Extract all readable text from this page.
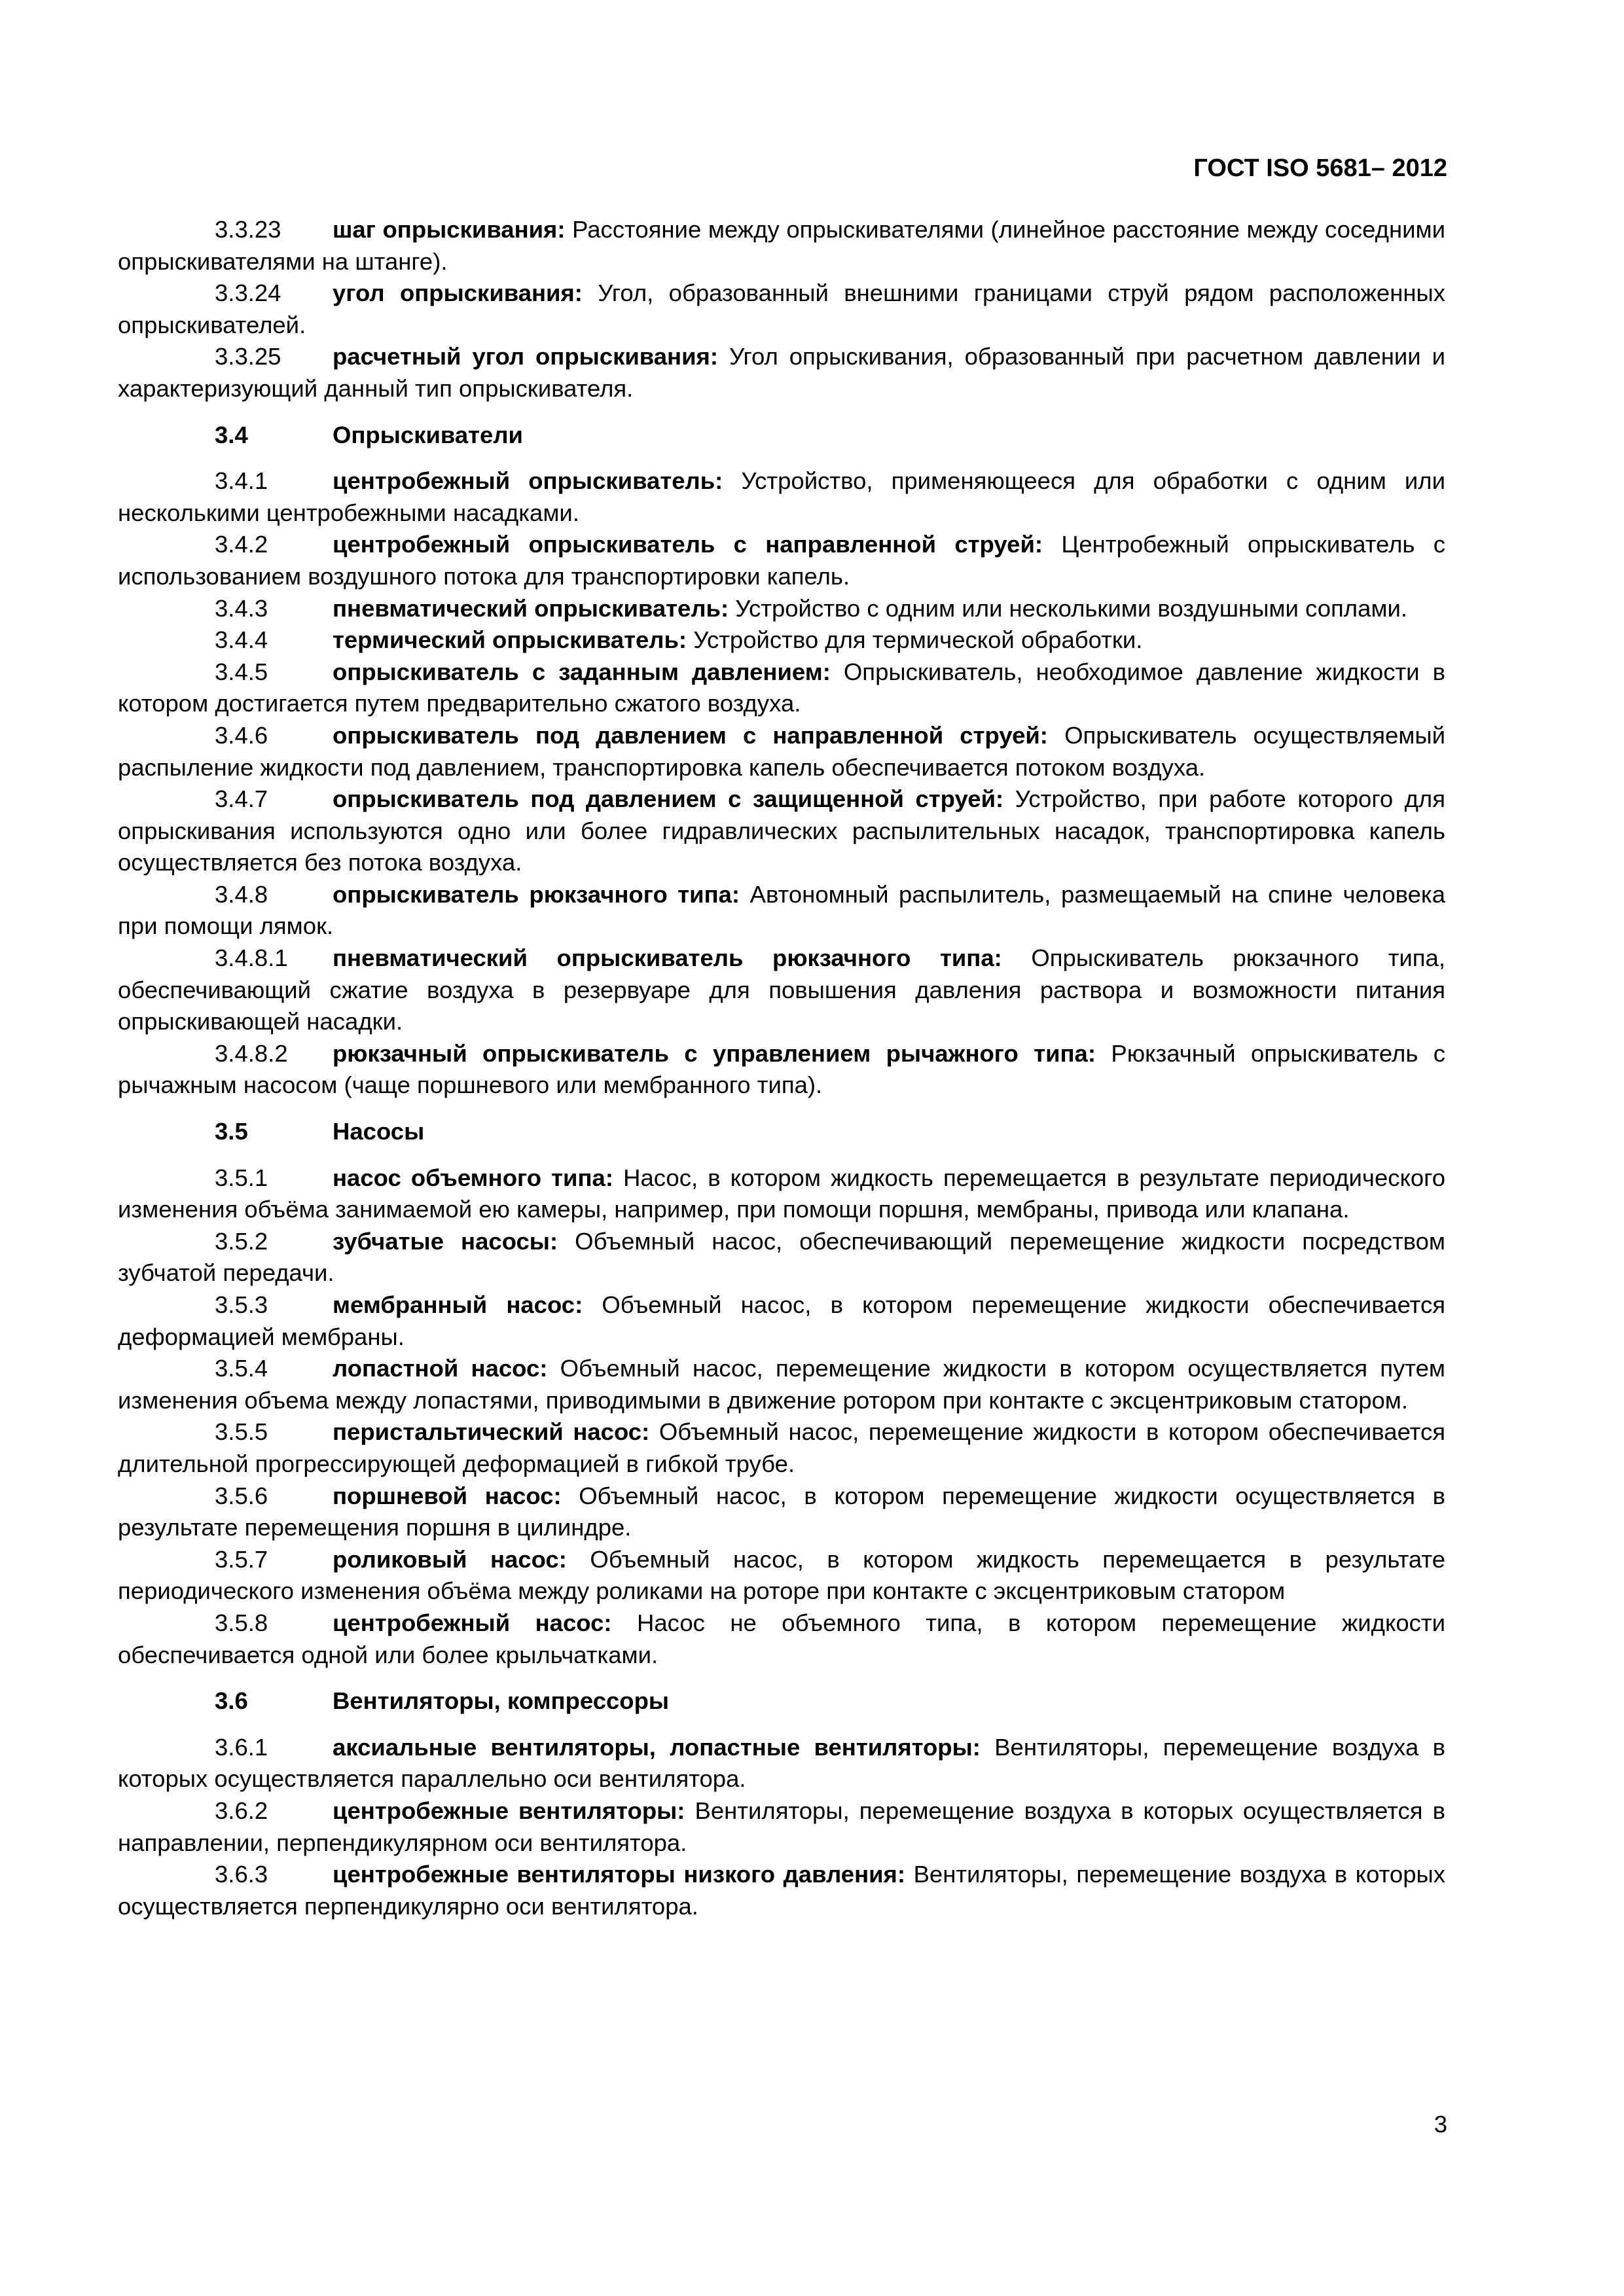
ГОСТ ISO 5681– 2012

3.3.23 шаг опрыскивания: Расстояние между опрыскивателями (линейное расстояние между соседними опрыскивателями на штанге).

3.3.24 угол опрыскивания: Угол, образованный внешними границами струй рядом расположенных опрыскивателей.

3.3.25 расчетный угол опрыскивания: Угол опрыскивания, образованный при расчетном давлении и характеризующий данный тип опрыскивателя.

3.4	Опрыскиватели

3.4.1	центробежный опрыскиватель: Устройство, применяющееся для обработки с одним или несколькими центробежными насадками.

3.4.2	центробежный опрыскиватель с направленной струей: Центробежный опрыскиватель с использованием воздушного потока для транспортировки капель.

3.4.3	пневматический опрыскиватель: Устройство с одним или несколькими воздушными соплами.

3.4.4	термический опрыскиватель: Устройство для термической обработки.

3.4.5	опрыскиватель с заданным давлением: Опрыскиватель, необходимое давление жидкости в котором достигается путем предварительно сжатого воздуха.

3.4.6	опрыскиватель под давлением с направленной струей: Опрыскиватель осуществляемый распыление жидкости под давлением, транспортировка капель обеспечивается потоком воздуха.

3.4.7	опрыскиватель под давлением с защищенной струей: Устройство, при работе которого для опрыскивания используются одно или более гидравлических распылительных насадок, транспортировка капель осуществляется без потока воздуха.

3.4.8	опрыскиватель рюкзачного типа: Автономный распылитель, размещаемый на спине человека при помощи лямок.

3.4.8.1 пневматический опрыскиватель рюкзачного типа: Опрыскиватель рюкзачного типа, обеспечивающий сжатие воздуха в резервуаре для повышения давления раствора и возможности питания опрыскивающей насадки.

3.4.8.2 рюкзачный опрыскиватель с управлением рычажного типа: Рюкзачный опрыскиватель с рычажным насосом (чаще поршневого или мембранного типа).

3.5	Насосы

3.5.1	насос объемного типа: Насос, в котором жидкость перемещается в результате периодического изменения объёма занимаемой ею камеры, например, при помощи поршня, мембраны, привода или клапана.

3.5.2	зубчатые насосы: Объемный насос, обеспечивающий перемещение жидкости посредством зубчатой передачи.

3.5.3	мембранный насос: Объемный насос, в котором перемещение жидкости обеспечивается деформацией мембраны.

3.5.4	лопастной насос: Объемный насос, перемещение жидкости в котором осуществляется путем изменения объема между лопастями, приводимыми в движение ротором при контакте с эксцентриковым статором.

3.5.5	перистальтический насос: Объемный насос, перемещение жидкости в котором обеспечивается длительной прогрессирующей деформацией в гибкой трубе.

3.5.6	поршневой насос: Объемный насос, в котором перемещение жидкости осуществляется в результате перемещения поршня в цилиндре.

3.5.7	роликовый насос: Объемный насос, в котором жидкость перемещается в результате периодического изменения объёма между роликами на роторе при контакте с эксцентриковым статором

3.5.8	центробежный насос: Насос не объемного типа, в котором перемещение жидкости обеспечивается одной или более крыльчатками.

3.6	Вентиляторы, компрессоры

3.6.1	аксиальные вентиляторы, лопастные вентиляторы: Вентиляторы, перемещение воздуха в которых осуществляется параллельно оси вентилятора.

3.6.2	центробежные вентиляторы: Вентиляторы, перемещение воздуха в которых осуществляется в направлении, перпендикулярном оси вентилятора.

3.6.3	центробежные вентиляторы низкого давления: Вентиляторы, перемещение воздуха в которых осуществляется перпендикулярно оси вентилятора.

3
